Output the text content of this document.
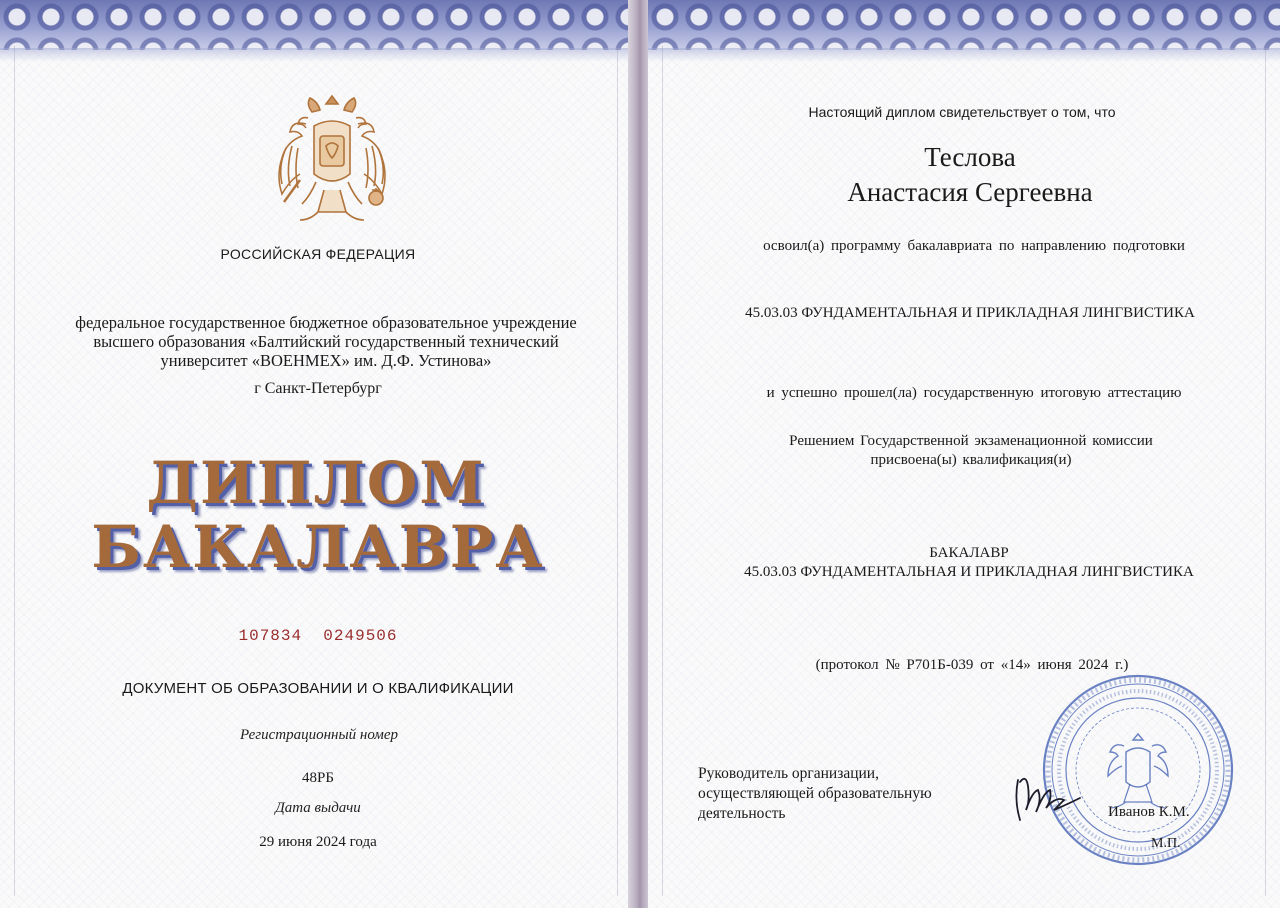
РОССИЙСКАЯ ФЕДЕРАЦИЯ
федеральное государственное бюджетное образовательное учреждение
высшего образования «Балтийский государственный технический
университет «ВОЕНМЕХ» им. Д.Ф. Устинова»
г Санкт-Петербург
ДИПЛОМ
БАКАЛАВРА
107834  0249506
ДОКУМЕНТ ОБ ОБРАЗОВАНИИ И О КВАЛИФИКАЦИИ
Регистрационный номер
48РБ
Дата выдачи
29 июня 2024 года
Настоящий диплом свидетельствует о том, что
Теслова
Анастасия Сергеевна
освоил(а) программу бакалавриата по направлению подготовки
45.03.03 ФУНДАМЕНТАЛЬНАЯ И ПРИКЛАДНАЯ ЛИНГВИСТИКА
и успешно прошел(ла) государственную итоговую аттестацию
Решением Государственной экзаменационной комиссии
присвоена(ы) квалификация(и)
БАКАЛАВР
45.03.03 ФУНДАМЕНТАЛЬНАЯ И ПРИКЛАДНАЯ ЛИНГВИСТИКА
(протокол № Р701Б-039 от «14» июня 2024 г.)
Руководитель организации,
осуществляющей образовательную
деятельность	Иванов К.М.
М.П.
